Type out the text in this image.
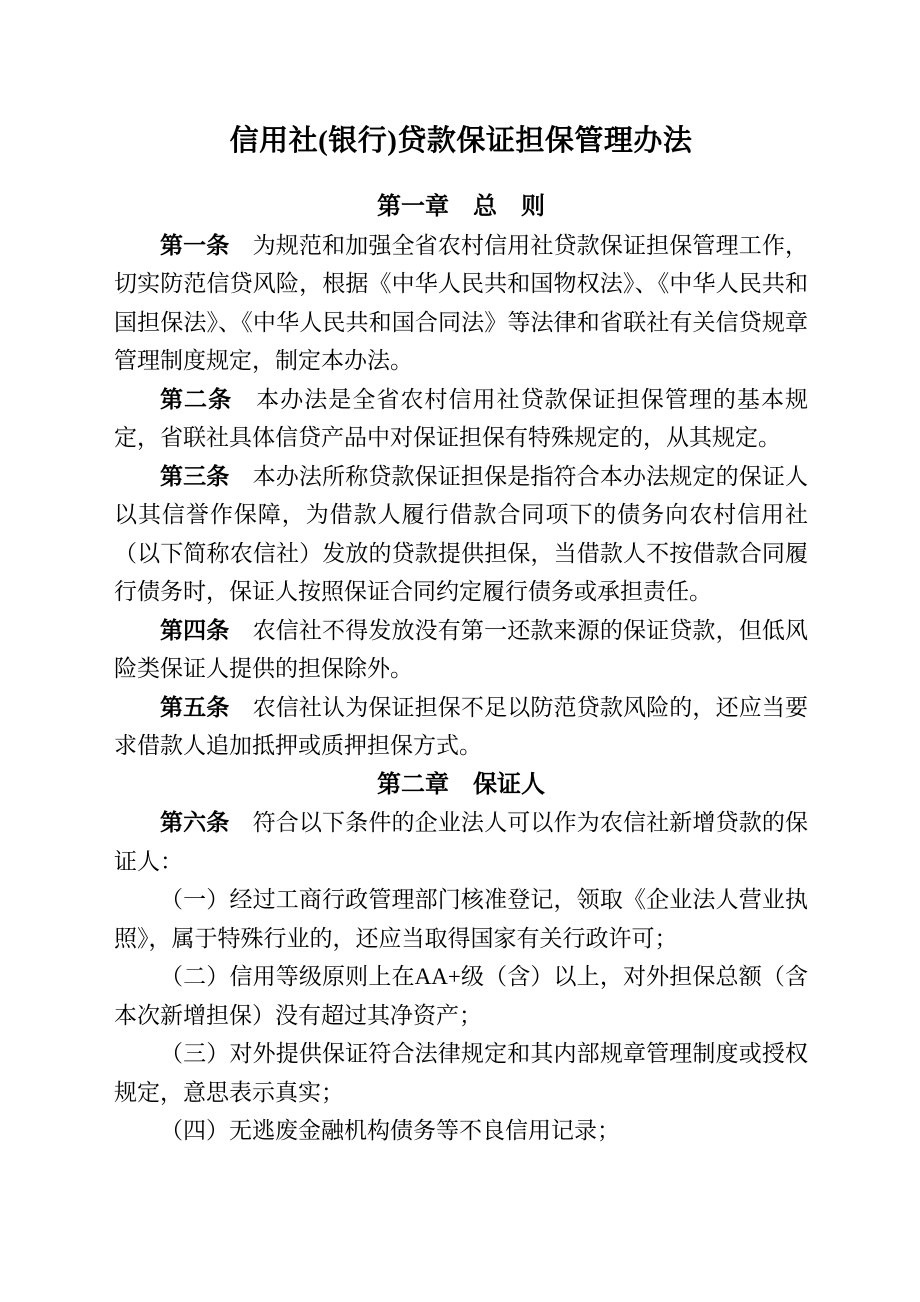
信用社(银行)贷款保证担保管理办法

第一章　总　则

第一条　为规范和加强全省农村信用社贷款保证担保管理工作，切实防范信贷风险，根据《中华人民共和国物权法》、《中华人民共和国担保法》、《中华人民共和国合同法》等法律和省联社有关信贷规章管理制度规定，制定本办法。

第二条　本办法是全省农村信用社贷款保证担保管理的基本规定，省联社具体信贷产品中对保证担保有特殊规定的，从其规定。

第三条　本办法所称贷款保证担保是指符合本办法规定的保证人以其信誉作保障，为借款人履行借款合同项下的债务向农村信用社（以下简称农信社）发放的贷款提供担保，当借款人不按借款合同履行债务时，保证人按照保证合同约定履行债务或承担责任。

第四条　农信社不得发放没有第一还款来源的保证贷款，但低风险类保证人提供的担保除外。

第五条　农信社认为保证担保不足以防范贷款风险的，还应当要求借款人追加抵押或质押担保方式。

第二章　保证人

第六条　符合以下条件的企业法人可以作为农信社新增贷款的保证人：

（一）经过工商行政管理部门核准登记，领取《企业法人营业执照》，属于特殊行业的，还应当取得国家有关行政许可；

（二）信用等级原则上在AA+级（含）以上，对外担保总额（含本次新增担保）没有超过其净资产；

（三）对外提供保证符合法律规定和其内部规章管理制度或授权规定，意思表示真实；

（四）无逃废金融机构债务等不良信用记录；
